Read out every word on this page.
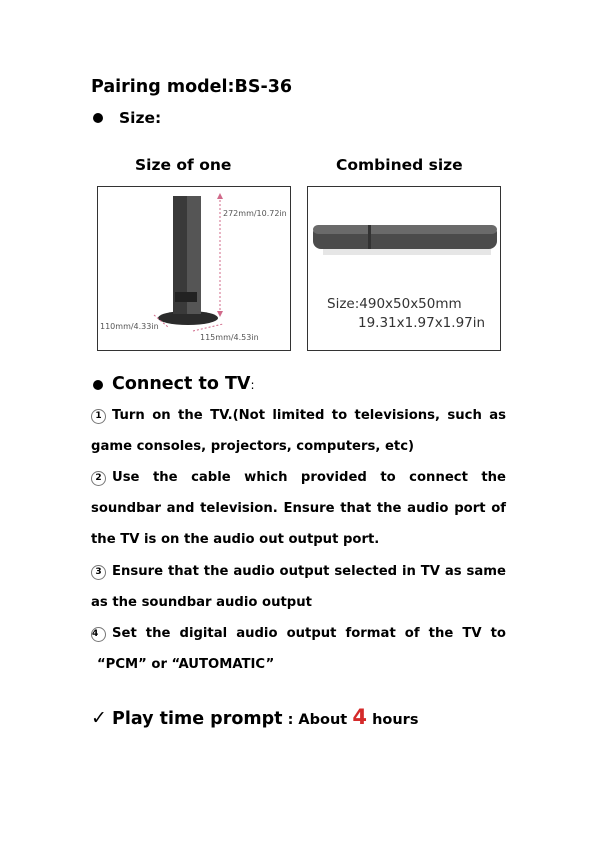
Pairing model:BS-36
Size:
Size of one	Combined size
272mm/10.72in
110mm/4.33in
115mm/4.53in
Size:490x50x50mm
19.31x1.97x1.97in
Connect to TV:
1 Turn on the TV.(Not limited to televisions, such as game consoles, projectors, computers, etc)
2 Use the cable which provided to connect the soundbar and television. Ensure that the audio port of the TV is on the audio out output port.
3 Ensure that the audio output selected in TV as same as the soundbar audio output
4 Set the digital audio output format of the TV to
“PCM” or “AUTOMATIC”
✓ Play time prompt : About 4 hours
